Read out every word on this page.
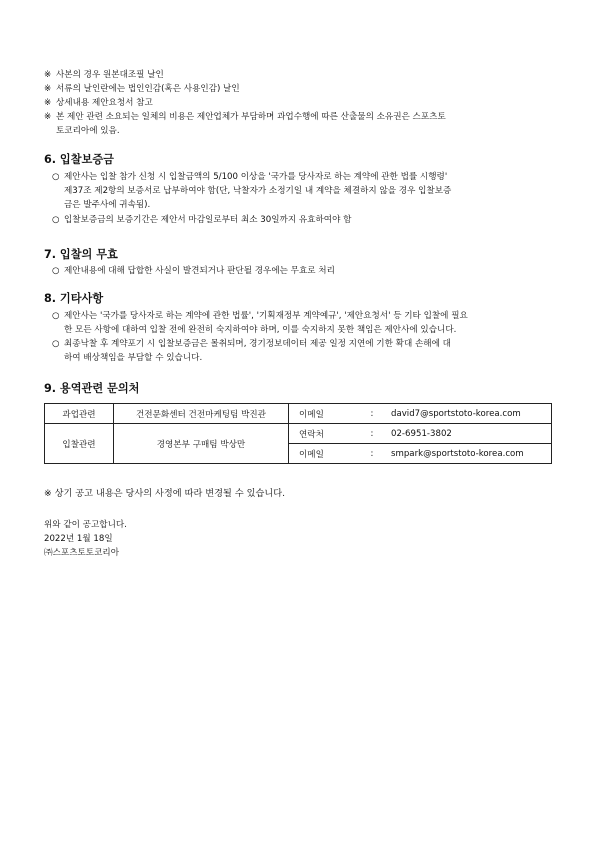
※ 사본의 경우 원본대조필 날인
※ 서류의 날인란에는 법인인감(혹은 사용인감) 날인
※ 상세내용 제안요청서 참고
※ 본 제안 관련 소요되는 일체의 비용은 제안업체가 부담하며 과업수행에 따른 산출물의 소유권은 스포츠토
토코리아에 있음.
6. 입찰보증금
○ 제안사는 입찰 참가 신청 시 입찰금액의 5/100 이상을 '국가를 당사자로 하는 계약에 관한 법률 시행령'
제37조 제2항의 보증서로 납부하여야 함(단, 낙찰자가 소정기일 내 계약을 체결하지 않을 경우 입찰보증
금은 발주사에 귀속됨).
○ 입찰보증금의 보증기간은 제안서 마감일로부터 최소 30일까지 유효하여야 함
7. 입찰의 무효
○ 제안내용에 대해 답합한 사실이 발견되거나 판단될 경우에는 무효로 처리
8. 기타사항
○ 제안사는 '국가를 당사자로 하는 계약에 관한 법률', '기획재정부 계약예규', '제안요청서' 등 기타 입찰에 필요
한 모든 사항에 대하여 입찰 전에 완전히 숙지하여야 하며, 이를 숙지하지 못한 책임은 제안사에 있습니다.
○ 최종낙찰 후 계약포기 시 입찰보증금은 몰취되며, 경기정보데이터 제공 일정 지연에 기한 확대 손해에 대
하여 배상책임을 부담할 수 있습니다.
9. 용역관련 문의처
과업관련	건전문화센터 건전마케팅팀 박진관	이메일	:	david7@sportstoto-korea.com
입찰관련	경영본부 구매팀 박상만	연락처	:	02-6951-3802
		이메일	:	smpark@sportstoto-korea.com
※ 상기 공고 내용은 당사의 사정에 따라 변경될 수 있습니다.
위와 같이 공고합니다.
2022년 1월 18일
㈜스포츠토토코리아
